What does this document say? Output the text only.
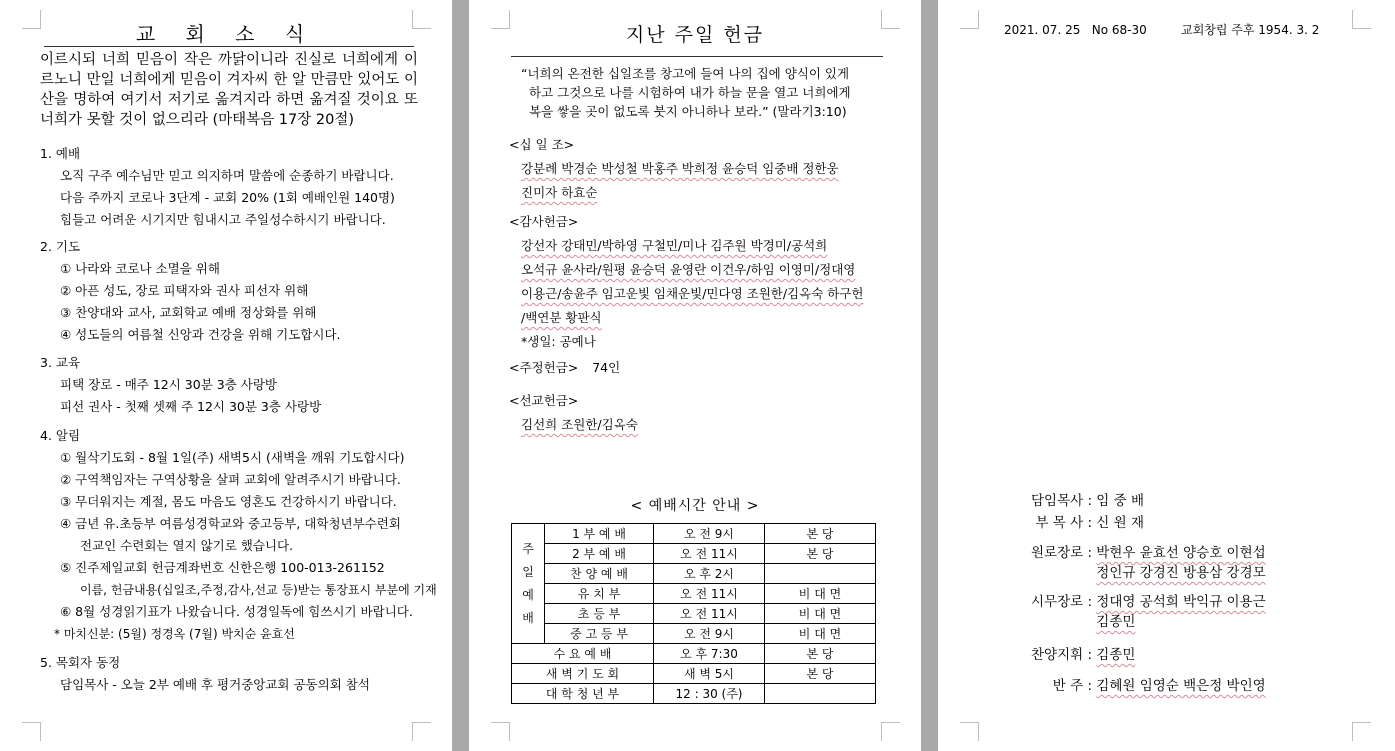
교 회 소 식
이르시되 너희 믿음이 작은 까닭이니라 진실로 너희에게 이르노니 만일 너희에게 믿음이 겨자씨 한 알 만큼만 있어도 이 산을 명하여 여기서 저기로 옮겨지라 하면 옮겨질 것이요 또 너희가 못할 것이 없으리라 (마태복음 17장 20절)
1. 예배
오직 구주 예수님만 믿고 의지하며 말씀에 순종하기 바랍니다.
다음 주까지 코로나 3단계 - 교회 20% (1회 예배인원 140명)
힘들고 어려운 시기지만 힘내시고 주일성수하시기 바랍니다.
2. 기도
① 나라와 코로나 소멸을 위해
② 아픈 성도, 장로 피택자와 권사 피선자 위해
③ 찬양대와 교사, 교회학교 예배 정상화를 위해
④ 성도들의 여름철 신앙과 건강을 위해 기도합시다.
3. 교육
피택 장로 - 매주 12시 30분 3층 사랑방
피선 권사 - 첫째 셋째 주 12시 30분 3층 사랑방
4. 알림
① 월삭기도회 - 8월 1일(주) 새벽5시 (새벽을 깨워 기도합시다)
② 구역책임자는 구역상황을 살펴 교회에 알려주시기 바랍니다.
③ 무더워지는 계절, 몸도 마음도 영혼도 건강하시기 바랍니다.
④ 금년 유.초등부 여름성경학교와 중고등부, 대학청년부수련회
전교인 수련회는 열지 않기로 했습니다.
⑤ 진주제일교회 헌금계좌번호 신한은행 100-013-261152
이름, 헌금내용(십일조,주정,감사,선교 등)받는 통장표시 부분에 기재
⑥ 8월 성경읽기표가 나왔습니다. 성경일독에 힘쓰시기 바랍니다.
* 마치신분: (5월) 정경옥 (7월) 박치순 윤효선
5. 목회자 동정
담임목사 - 오늘 2부 예배 후 평거중앙교회 공동의회 참석
지난 주일 헌금
“너희의 온전한 십일조를 창고에 들여 나의 집에 양식이 있게
하고 그것으로 나를 시험하여 내가 하늘 문을 열고 너희에게
복을 쌓을 곳이 없도록 붓지 아니하나 보라.” (말라기3:10)
<십 일 조>
강분례 박경순 박성철 박홍주 박희정 윤승덕 임중배 정한웅
진미자 하효순
<감사헌금>
강선자 강태민/박하영 구철민/미나 김주원 박경미/공석희
오석규 윤사라/원평 윤승덕 윤영란 이건우/하임 이영미/정대영
이용근/송윤주 임고운빛 임채운빛/민다영 조원한/김옥숙 하구헌
/백연분 황판식
*생일: 공예나
<주정헌금> 74인
<선교헌금>
김선희 조원한/김옥숙
< 예배시간 안내 >
주
일
예
배	1 부 예 배	오 전 9시	본 당
	2 부 예 배	오 전 11시	본 당
	찬 양 예 배	오 후 2시	
	유 치 부	오 전 11시	비 대 면
	초 등 부	오 전 11시	비 대 면
	중 고 등 부	오 전 9시	비 대 면
수 요 예 배		오 후 7:30	본 당
새 벽 기 도 회		새 벽 5시	본 당
대 학 청 년 부		12 : 30 (주)	
2021. 07. 25   No 68-30         교회창립 주후 1954. 3. 2
담임목사 : 임 중 배
부 목 사 : 신 원 재
원로장로 : 박현우 윤효선 양승호 이현섭
정인규 강경진 방용삼 강경모
시무장로 : 정대영 공석희 박익규 이용근
김종민
찬양지휘 : 김종민
반 주 : 김혜원 임영순 백은정 박인영
